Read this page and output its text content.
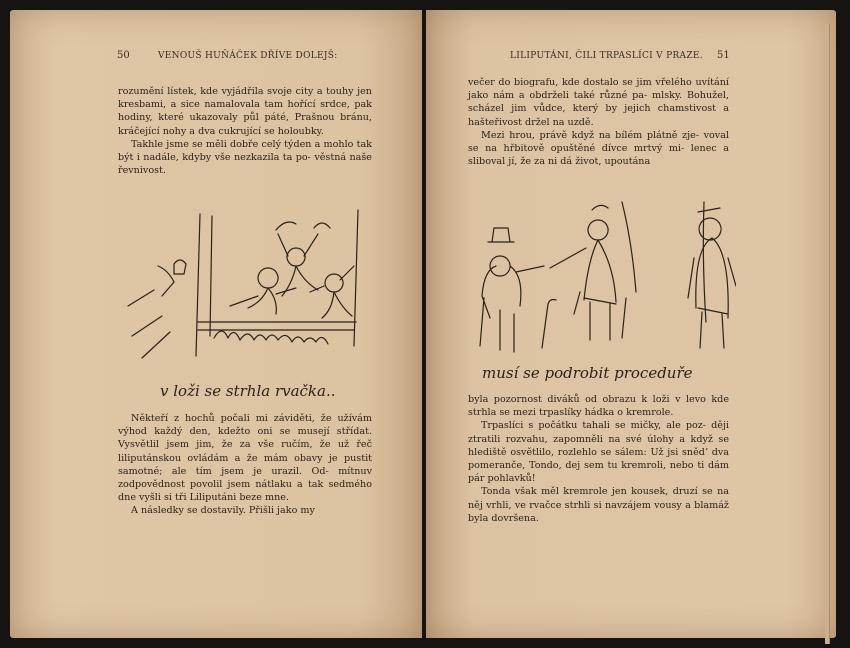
50	VENOUŠ HUŇÁČEK DŘÍVE DOLEJŠ:

rozumění lístek, kde vyjádřila svoje city a touhy jen kresbami, a sice namalovala tam hořící srdce, pak hodiny, které ukazovaly půl páté, Prašnou bránu, kráčející nohy a dva cukrující se holoubky.

Takhle jsme se měli dobře celý týden a mohlo tak být i nadále, kdyby vše nezkazila ta po- věstná naše řevnivost.

v loži se strhla rvačka..

Někteří z hochů počali mi záviděti, že užívám výhod každý den, kdežto oni se musejí střídat. Vysvětlil jsem jim, že za vše ručím, že už řeč liliputánskou ovládám a že mám obavy je pustit samotné; ale tím jsem je urazil. Od- mítnuv zodpovědnost povolil jsem nátlaku a tak sedmého dne vyšli si tři Liliputáni beze mne.

A následky se dostavily. Přišli jako my

LILIPUTÁNI, ČILI TRPASLÍCI V PRAZE. 51

večer do biografu, kde dostalo se jim vřelého uvítání jako nám a obdrželi také různé pa- mlsky. Bohužel, scházel jim vůdce, který by jejich chamstivost a hašteřivost držel na uzdě.

Mezi hrou, právě když na bílém plátně zje- voval se na hřbitově opuštěné dívce mrtvý mi- lenec a sliboval jí, že za ni dá život, upoutána

musí se podrobit proceduře

byla pozornost diváků od obrazu k loži v levo kde strhla se mezi trpaslíky hádka o kremrole.

Trpaslíci s počátku tahali se mičky, ale poz- ději ztratili rozvahu, zapomněli na své úlohy a když se hlediště osvětlilo, rozlehlo se sálem: Už jsi snědʼ dva pomeranče, Tondo, dej sem tu kremroli, nebo ti dám pár pohlavků!

Tonda však měl kremrole jen kousek, druzí se na něj vrhli, ve rvačce strhli si navzájem vousy a blamáž byla dovršena.
